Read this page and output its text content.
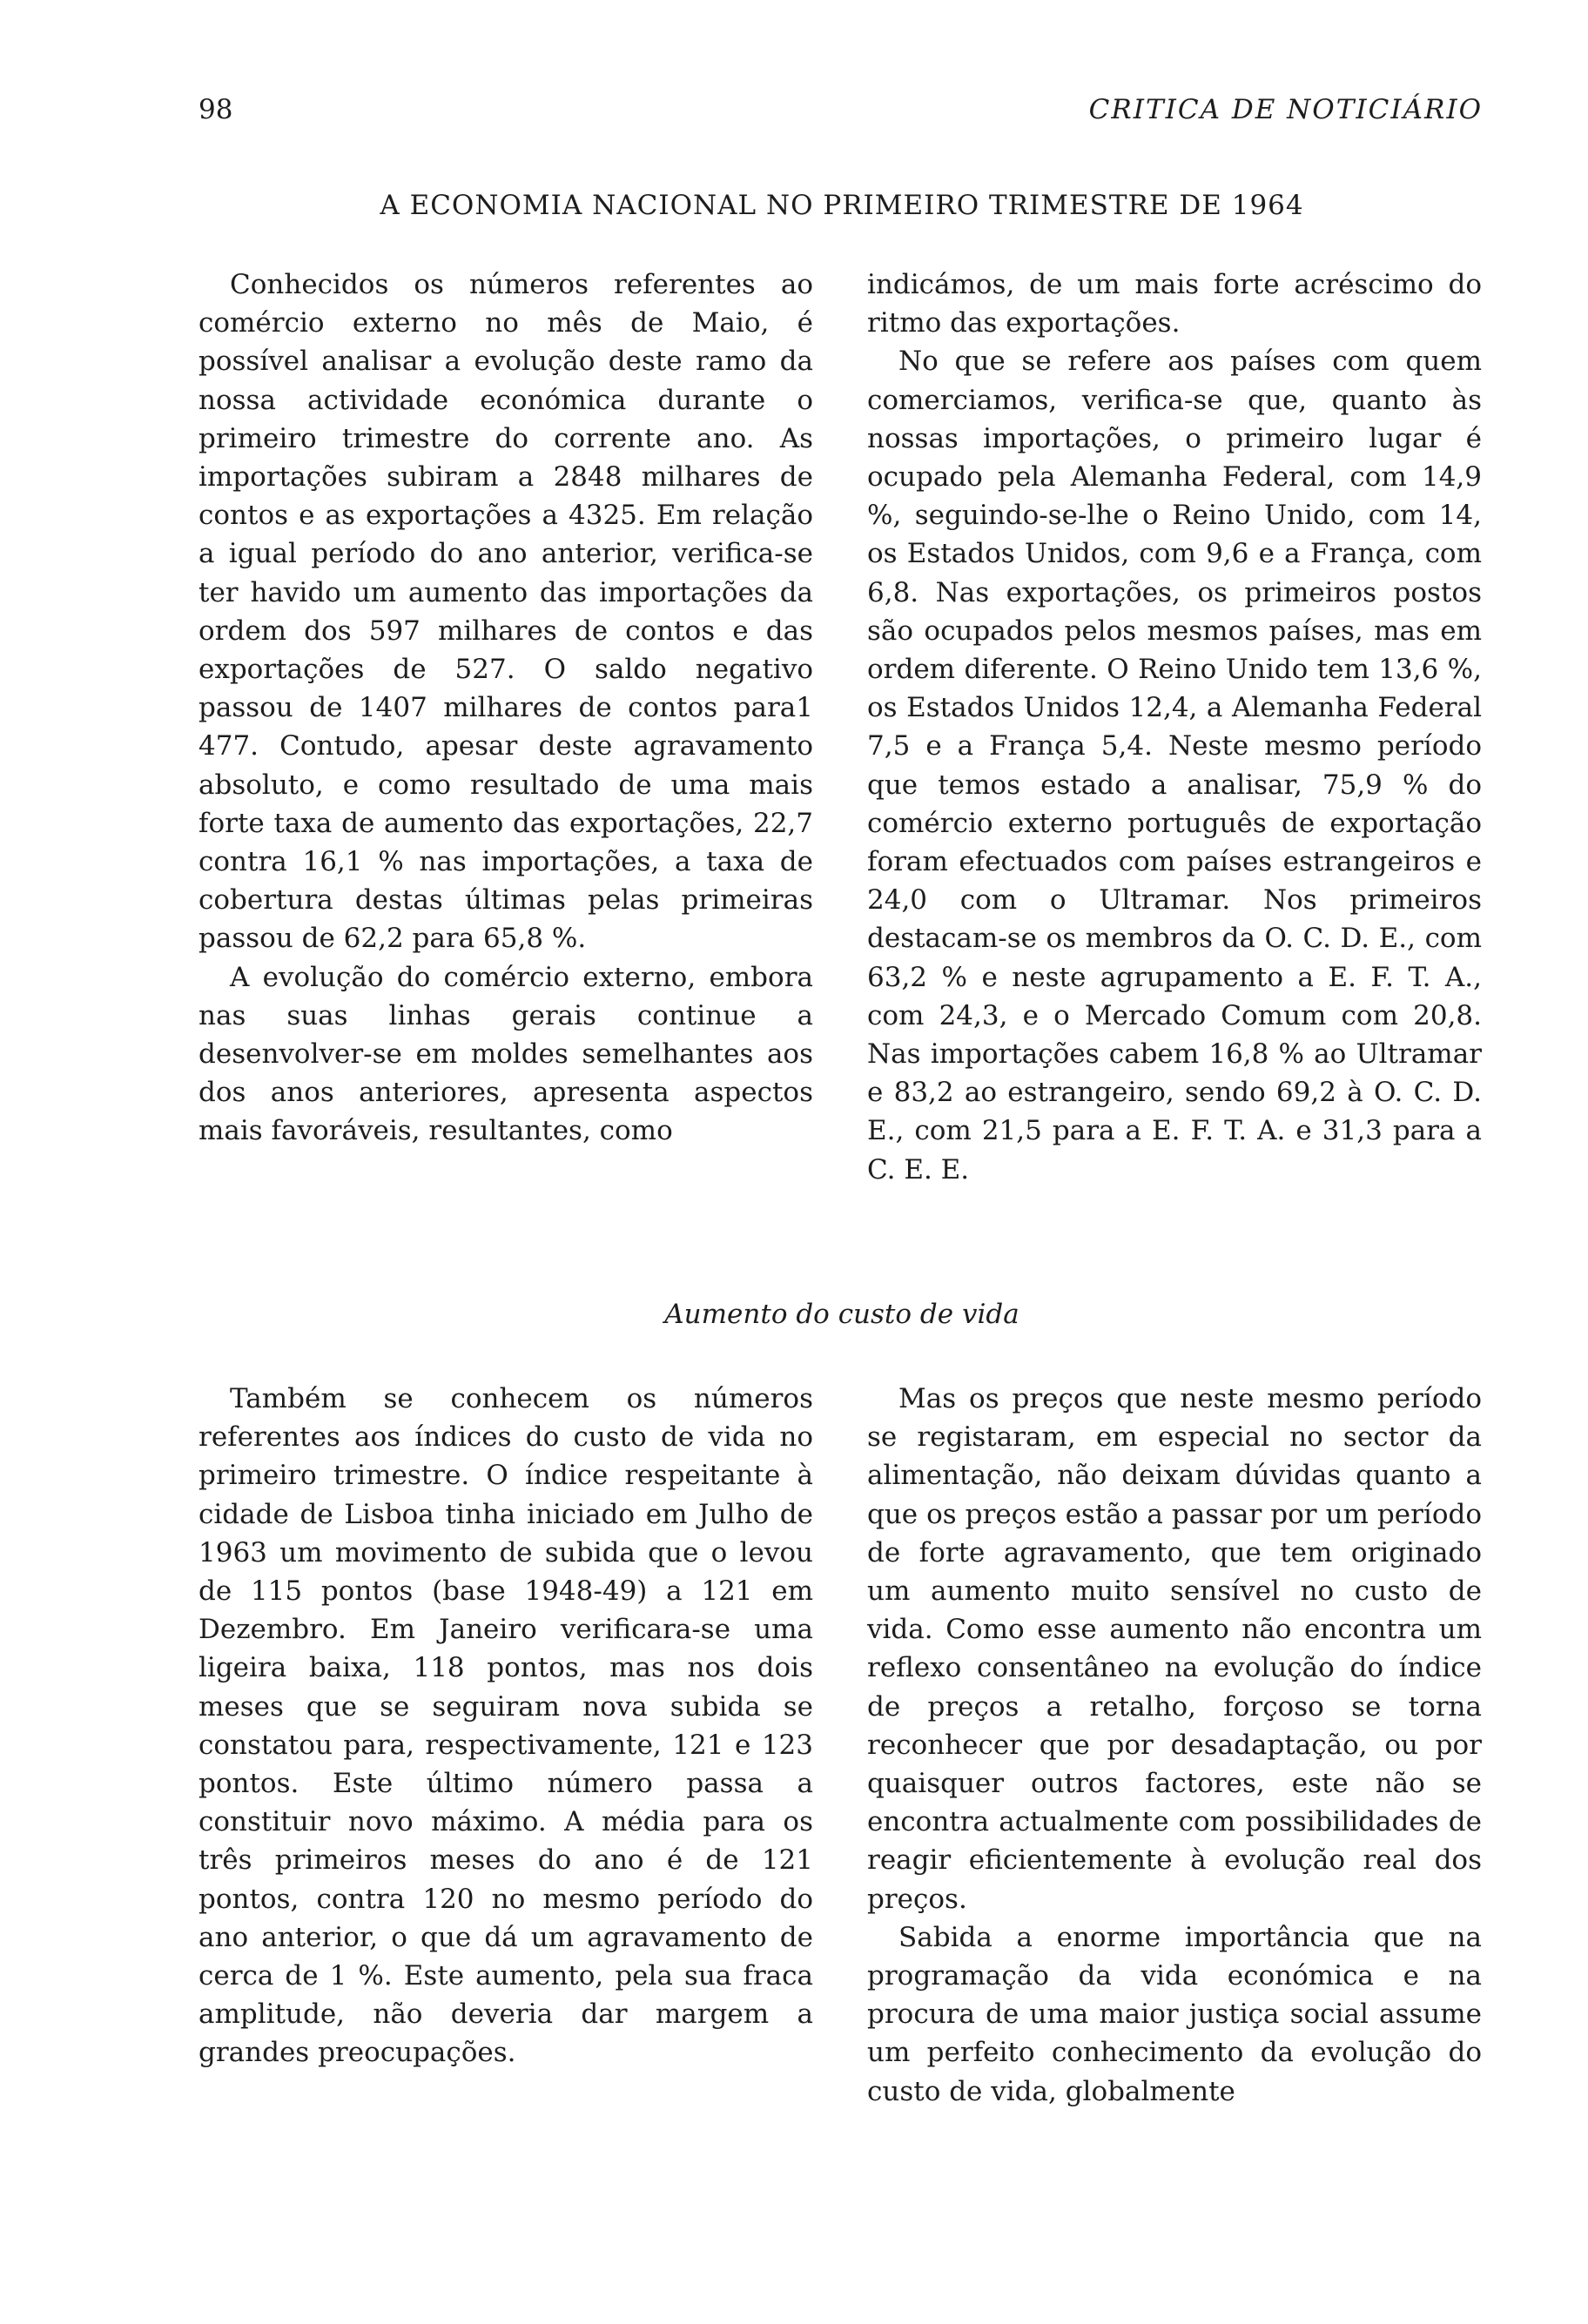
98	CRITICA DE NOTICIÁRIO
A ECONOMIA NACIONAL NO PRIMEIRO TRIMESTRE DE 1964

Conhecidos os números referentes ao comércio externo no mês de Maio, é possível analisar a evolução deste ramo da nossa actividade económica durante o primeiro trimestre do corrente ano. As importações subiram a 2848 milhares de contos e as exportações a 4325. Em relação a igual período do ano anterior, verifica-se ter havido um aumento das importações da ordem dos 597 milhares de contos e das exportações de 527. O saldo negativo passou de 1407 milhares de contos para1 477. Contudo, apesar deste agravamento absoluto, e como resultado de uma mais forte taxa de aumento das exportações, 22,7 contra 16,1 % nas importações, a taxa de cobertura destas últimas pelas primeiras passou de 62,2 para 65,8 %.

A evolução do comércio externo, embora nas suas linhas gerais continue a desenvolver-se em moldes semelhantes aos dos anos anteriores, apresenta aspectos mais favoráveis, resultantes, como

indicámos, de um mais forte acréscimo do ritmo das exportações.

No que se refere aos países com quem comerciamos, verifica-se que, quanto às nossas importações, o primeiro lugar é ocupado pela Alemanha Federal, com 14,9 %, seguindo-se-lhe o Reino Unido, com 14, os Estados Unidos, com 9,6 e a França, com 6,8. Nas exportações, os primeiros postos são ocupados pelos mesmos países, mas em ordem diferente. O Reino Unido tem 13,6 %, os Estados Unidos 12,4, a Alemanha Federal 7,5 e a França 5,4. Neste mesmo período que temos estado a analisar, 75,9 % do comércio externo português de exportação foram efectuados com países estrangeiros e 24,0 com o Ultramar. Nos primeiros destacam-se os membros da O. C. D. E., com 63,2 % e neste agrupamento a E. F. T. A., com 24,3, e o Mercado Comum com 20,8. Nas importações cabem 16,8 % ao Ultramar e 83,2 ao estrangeiro, sendo 69,2 à O. C. D. E., com 21,5 para a E. F. T. A. e 31,3 para a C. E. E.

Aumento do custo de vida

Também se conhecem os números referentes aos índices do custo de vida no primeiro trimestre. O índice respeitante à cidade de Lisboa tinha iniciado em Julho de 1963 um movimento de subida que o levou de 115 pontos (base 1948-49) a 121 em Dezembro. Em Janeiro verificara-se uma ligeira baixa, 118 pontos, mas nos dois meses que se seguiram nova subida se constatou para, respectivamente, 121 e 123 pontos. Este último número passa a constituir novo máximo. A média para os três primeiros meses do ano é de 121 pontos, contra 120 no mesmo período do ano anterior, o que dá um agravamento de cerca de 1 %. Este aumento, pela sua fraca amplitude, não deveria dar margem a grandes preocupações.

Mas os preços que neste mesmo período se registaram, em especial no sector da alimentação, não deixam dúvidas quanto a que os preços estão a passar por um período de forte agravamento, que tem originado um aumento muito sensível no custo de vida. Como esse aumento não encontra um reflexo consentâneo na evolução do índice de preços a retalho, forçoso se torna reconhecer que por desadaptação, ou por quaisquer outros factores, este não se encontra actualmente com possibilidades de reagir eficientemente à evolução real dos preços.

Sabida a enorme importância que na programação da vida económica e na procura de uma maior justiça social assume um perfeito conhecimento da evolução do custo de vida, globalmente
